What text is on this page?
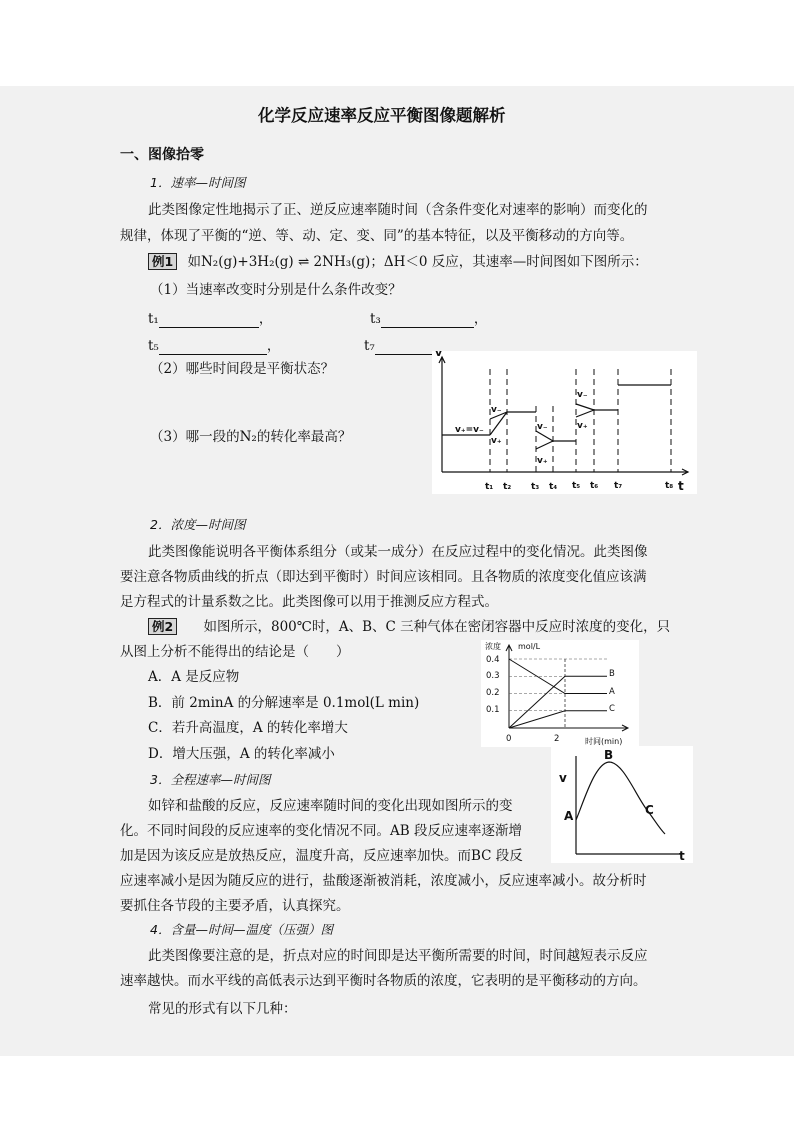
化学反应速率反应平衡图像题解析
一、图像拾零
1．速率—时间图
此类图像定性地揭示了正、逆反应速率随时间（含条件变化对速率的影响）而变化的
规律，体现了平衡的“逆、等、动、定、变、同”的基本特征，以及平衡移动的方向等。
例1 如N₂(g)+3H₂(g) ⇌ 2NH₃(g)；ΔH＜0 反应，其速率—时间图如下图所示：
（1）当速率改变时分别是什么条件改变？
t₁	，	t₃	，
t₅	，	t₇
（2）哪些时间段是平衡状态？
（3）哪一段的N₂的转化率最高？
v
t
v₊=v₋
v₋
v₊
v₋
v₊
v₋
v₊
t₁ t₂ t₃ t₄ t₅ t₆ t₇	t₈
2．浓度—时间图
此类图像能说明各平衡体系组分（或某一成分）在反应过程中的变化情况。此类图像
要注意各物质曲线的折点（即达到平衡时）时间应该相同。且各物质的浓度变化值应该满
足方程式的计量系数之比。此类图像可以用于推测反应方程式。
例2 如图所示，800℃时，A、B、C 三种气体在密闭容器中反应时浓度的变化，只
从图上分析不能得出的结论是（　　）
A．A 是反应物
B．前 2minA 的分解速率是 0.1mol(L min)
C．若升高温度，A 的转化率增大
D．增大压强，A 的转化率减小
浓度 mol/L
时间(min)
0.4
0.3
0.2
0.1
0	2
B
A
C
3．全程速率—时间图
如锌和盐酸的反应，反应速率随时间的变化出现如图所示的变
化。不同时间段的反应速率的变化情况不同。AB 段反应速率逐渐增
加是因为该反应是放热反应，温度升高，反应速率加快。而BC 段反
应速率减小是因为随反应的进行，盐酸逐渐被消耗，浓度减小，反应速率减小。故分析时
要抓住各节段的主要矛盾，认真探究。
v
t
A
B
C
4．含量—时间—温度（压强）图
此类图像要注意的是，折点对应的时间即是达平衡所需要的时间，时间越短表示反应
速率越快。而水平线的高低表示达到平衡时各物质的浓度，它表明的是平衡移动的方向。
常见的形式有以下几种：
